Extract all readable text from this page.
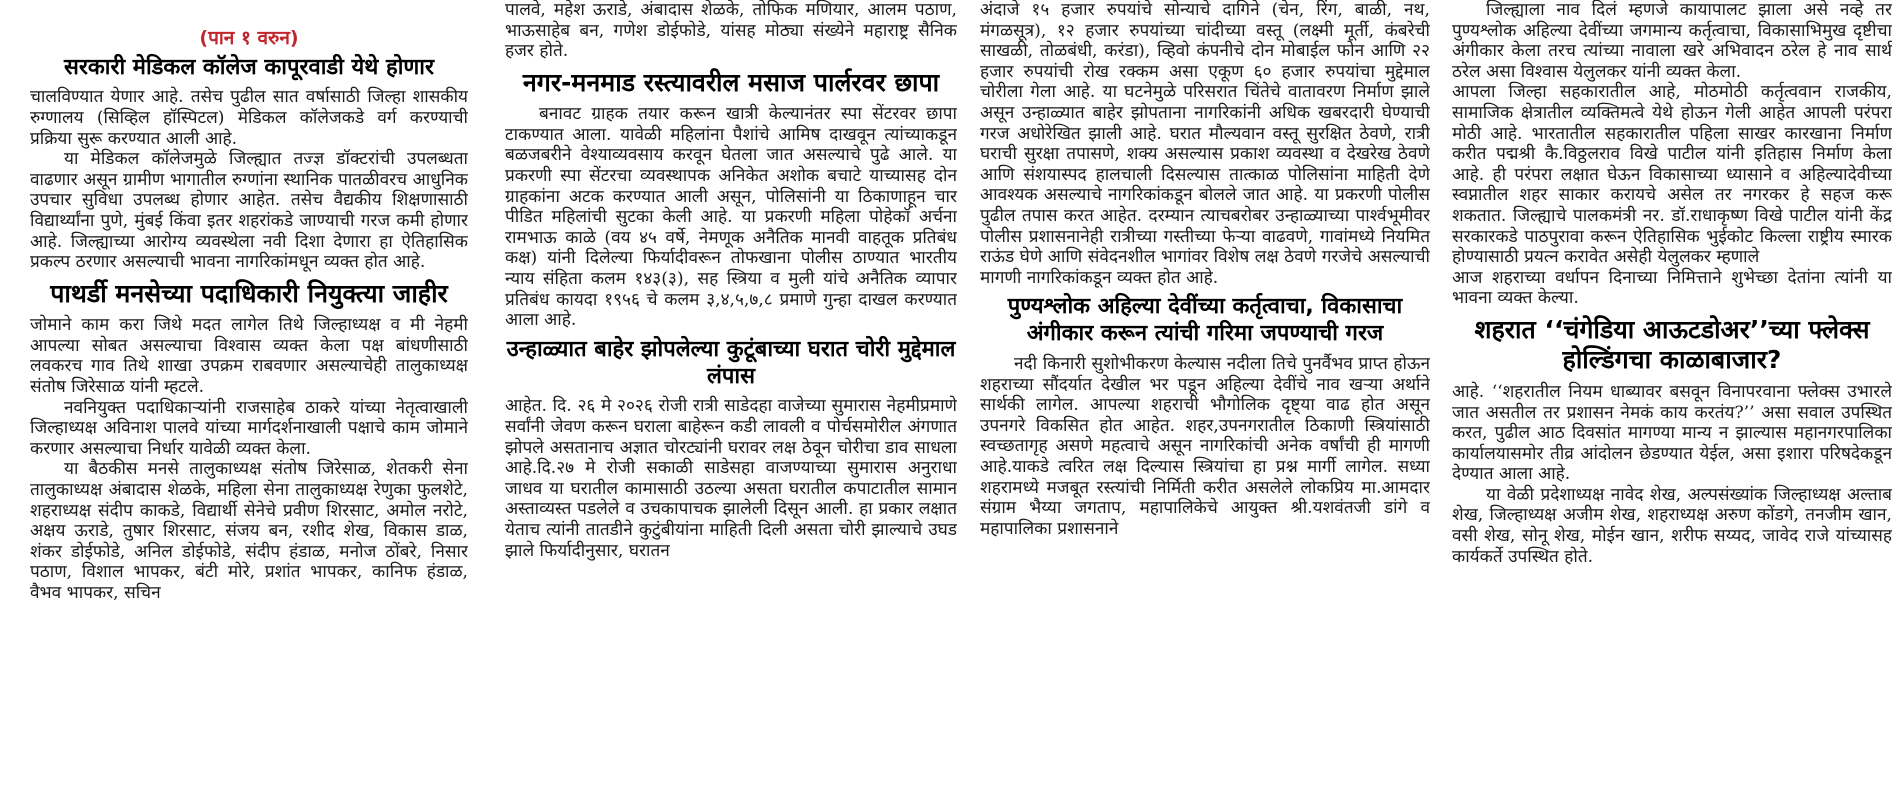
(पान १ वरुन)
सरकारी मेडिकल कॉलेज कापूरवाडी येथे होणार

चालविण्यात येणार आहे. तसेच पुढील सात वर्षासाठी जिल्हा शासकीय रुग्णालय (सिव्हिल हॉस्पिटल) मेडिकल कॉलेजकडे वर्ग करण्याची प्रक्रिया सुरू करण्यात आली आहे.

या मेडिकल कॉलेजमुळे जिल्ह्यात तज्ज्ञ डॉक्टरांची उपलब्धता वाढणार असून ग्रामीण भागातील रुग्णांना स्थानिक पातळीवरच आधुनिक उपचार सुविधा उपलब्ध होणार आहेत. तसेच वैद्यकीय शिक्षणासाठी विद्यार्थ्यांना पुणे, मुंबई किंवा इतर शहरांकडे जाण्याची गरज कमी होणार आहे. जिल्ह्याच्या आरोग्य व्यवस्थेला नवी दिशा देणारा हा ऐतिहासिक प्रकल्प ठरणार असल्याची भावना नागरिकांमधून व्यक्त होत आहे.

पाथर्डी मनसेच्या पदाधिकारी नियुक्त्या जाहीर

जोमाने काम करा जिथे मदत लागेल तिथे जिल्हाध्यक्ष व मी नेहमी आपल्या सोबत असल्याचा विश्वास व्यक्त केला पक्ष बांधणीसाठी लवकरच गाव तिथे शाखा उपक्रम राबवणार असल्याचेही तालुकाध्यक्ष संतोष जिरेसाळ यांनी म्हटले.

नवनियुक्त पदाधिकाऱ्यांनी राजसाहेब ठाकरे यांच्या नेतृत्वाखाली जिल्हाध्यक्ष अविनाश पालवे यांच्या मार्गदर्शनाखाली पक्षाचे काम जोमाने करणार असल्याचा निर्धार यावेळी व्यक्त केला.

या बैठकीस मनसे तालुकाध्यक्ष संतोष जिरेसाळ, शेतकरी सेना तालुकाध्यक्ष अंबादास शेळके, महिला सेना तालुकाध्यक्ष रेणुका फुलशेटे, शहराध्यक्ष संदीप काकडे, विद्यार्थी सेनेचे प्रवीण शिरसाट, अमोल नरोटे, अक्षय ऊराडे, तुषार शिरसाट, संजय बन, रशीद शेख, विकास डाळ, शंकर डोईफोडे, अनिल डोईफोडे, संदीप हंडाळ, मनोज ठोंबरे, निसार पठाण, विशाल भापकर, बंटी मोरे, प्रशांत भापकर, कानिफ हंडाळ, वैभव भापकर, सचिन

पालवे, महेश ऊराडे, अंबादास शेळके, तोफिक मणियार, आलम पठाण, भाऊसाहेब बन, गणेश डोईफोडे, यांसह मोठ्या संख्येने महाराष्ट्र सैनिक हजर होते.

नगर-मनमाड रस्त्यावरील मसाज पार्लरवर छापा

बनावट ग्राहक तयार करून खात्री केल्यानंतर स्पा सेंटरवर छापा टाकण्यात आला. यावेळी महिलांना पैशांचे आमिष दाखवून त्यांच्याकडून बळजबरीने वेश्याव्यवसाय करवून घेतला जात असल्याचे पुढे आले. या प्रकरणी स्पा सेंटरचा व्यवस्थापक अनिकेत अशोक बचाटे याच्यासह दोन ग्राहकांना अटक करण्यात आली असून, पोलिसांनी या ठिकाणाहून चार पीडित महिलांची सुटका केली आहे. या प्रकरणी महिला पोहेकॉ अर्चना रामभाऊ काळे (वय ४५ वर्षे, नेमणूक अनैतिक मानवी वाहतूक प्रतिबंध कक्ष) यांनी दिलेल्या फिर्यादीवरून तोफखाना पोलीस ठाण्यात भारतीय न्याय संहिता कलम १४३(३), सह स्त्रिया व मुली यांचे अनैतिक व्यापार प्रतिबंध कायदा १९५६ चे कलम ३,४,५,७,८ प्रमाणे गुन्हा दाखल करण्यात आला आहे.

उन्हाळ्यात बाहेर झोपलेल्या कुटूंबाच्या घरात चोरी मुद्देमाल लंपास

आहेत. दि. २६ मे २०२६ रोजी रात्री साडेदहा वाजेच्या सुमारास नेहमीप्रमाणे सर्वांनी जेवण करून घराला बाहेरून कडी लावली व पोर्चसमोरील अंगणात झोपले असतानाच अज्ञात चोरट्यांनी घरावर लक्ष ठेवून चोरीचा डाव साधला आहे.दि.२७ मे रोजी सकाळी साडेसहा वाजण्याच्या सुमारास अनुराधा जाधव या घरातील कामासाठी उठल्या असता घरातील कपाटातील सामान अस्ताव्यस्त पडलेले व उचकापाचक झालेली दिसून आली. हा प्रकार लक्षात येताच त्यांनी तातडीने कुटुंबीयांना माहिती दिली असता चोरी झाल्याचे उघड झाले फिर्यादीनुसार, घरातन

अंदाजे १५ हजार रुपयांचे सोन्याचे दागिने (चेन, रिंग, बाळी, नथ, मंगळसूत्र), १२ हजार रुपयांच्या चांदीच्या वस्तू (लक्ष्मी मूर्ती, कंबरेची साखळी, तोळबंधी, करंडा), व्हिवो कंपनीचे दोन मोबाईल फोन आणि २२ हजार रुपयांची रोख रक्कम असा एकूण ६० हजार रुपयांचा मुद्देमाल चोरीला गेला आहे. या घटनेमुळे परिसरात चिंतेचे वातावरण निर्माण झाले असून उन्हाळ्यात बाहेर झोपताना नागरिकांनी अधिक खबरदारी घेण्याची गरज अधोरेखित झाली आहे. घरात मौल्यवान वस्तू सुरक्षित ठेवणे, रात्री घराची सुरक्षा तपासणे, शक्य असल्यास प्रकाश व्यवस्था व देखरेख ठेवणे आणि संशयास्पद हालचाली दिसल्यास तात्काळ पोलिसांना माहिती देणे आवश्यक असल्याचे नागरिकांकडून बोलले जात आहे. या प्रकरणी पोलीस पुढील तपास करत आहेत. दरम्यान त्याचबरोबर उन्हाळ्याच्या पार्श्वभूमीवर पोलीस प्रशासनानेही रात्रीच्या गस्तीच्या फेऱ्या वाढवणे, गावांमध्ये नियमित राऊंड घेणे आणि संवेदनशील भागांवर विशेष लक्ष ठेवणे गरजेचे असल्याची मागणी नागरिकांकडून व्यक्त होत आहे.

पुण्यश्लोक अहिल्या देवींच्या कर्तृत्वाचा, विकासाचा अंगीकार करून त्यांची गरिमा जपण्याची गरज

नदी किनारी सुशोभीकरण केल्यास नदीला तिचे पुनर्वैभव प्राप्त होऊन शहराच्या सौंदर्यात देखील भर पडून अहिल्या देवींचे नाव खऱ्या अर्थाने सार्थकी लागेल. आपल्या शहराची भौगोलिक दृष्ट्या वाढ होत असून उपनगरे विकसित होत आहेत. शहर,उपनगरातील ठिकाणी स्त्रियांसाठी स्वच्छतागृह असणे महत्वाचे असून नागरिकांची अनेक वर्षांची ही मागणी आहे.याकडे त्वरित लक्ष दिल्यास स्त्रियांचा हा प्रश्न मार्गी लागेल. सध्या शहरामध्ये मजबूत रस्त्यांची निर्मिती करीत असलेले लोकप्रिय मा.आमदार संग्राम भैय्या जगताप, महापालिकेचे आयुक्त श्री.यशवंतजी डांगे व महापालिका प्रशासनाने

जिल्ह्याला नाव दिलं म्हणजे कायापालट झाला असे नव्हे तर पुण्यश्लोक अहिल्या देवींच्या जगमान्य कर्तृत्वाचा, विकासाभिमुख दृष्टीचा अंगीकार केला तरच त्यांच्या नावाला खरे अभिवादन ठरेल हे नाव सार्थ ठरेल असा विश्वास येलुलकर यांनी व्यक्त केला.

आपला जिल्हा सहकारातील आहे, मोठमोठी कर्तृत्ववान राजकीय, सामाजिक क्षेत्रातील व्यक्तिमत्वे येथे होऊन गेली आहेत आपली परंपरा मोठी आहे. भारतातील सहकारातील पहिला साखर कारखाना निर्माण करीत पद्मश्री कै.विठ्ठलराव विखे पाटील यांनी इतिहास निर्माण केला आहे. ही परंपरा लक्षात घेऊन विकासाच्या ध्यासाने व अहिल्यादेवीच्या स्वप्नातील शहर साकार करायचे असेल तर नगरकर हे सहज करू शकतात. जिल्ह्याचे पालकमंत्री नर. डॉ.राधाकृष्ण विखे पाटील यांनी केंद्र सरकारकडे पाठपुरावा करून ऐतिहासिक भुईकोट किल्ला राष्ट्रीय स्मारक होण्यासाठी प्रयत्न करावेत असेही येलुलकर म्हणाले

आज शहराच्या वर्धापन दिनाच्या निमित्ताने शुभेच्छा देतांना त्यांनी या भावना व्यक्त केल्या.

शहरात ‘‘चंगेडिया आऊटडोअर’’च्या फ्लेक्स होल्डिंगचा काळाबाजार?

आहे. ‘‘शहरातील नियम धाब्यावर बसवून विनापरवाना फ्लेक्स उभारले जात असतील तर प्रशासन नेमकं काय करतंय?’’ असा सवाल उपस्थित करत, पुढील आठ दिवसांत मागण्या मान्य न झाल्यास महानगरपालिका कार्यालयासमोर तीव्र आंदोलन छेडण्यात येईल, असा इशारा परिषदेकडून देण्यात आला आहे.

या वेळी प्रदेशाध्यक्ष नावेद शेख, अल्पसंख्यांक जिल्हाध्यक्ष अल्ताब शेख, जिल्हाध्यक्ष अजीम शेख, शहराध्यक्ष अरुण कोंडगे, तनजीम खान, वसी शेख, सोनू शेख, मोईन खान, शरीफ सय्यद, जावेद राजे यांच्यासह कार्यकर्ते उपस्थित होते.
